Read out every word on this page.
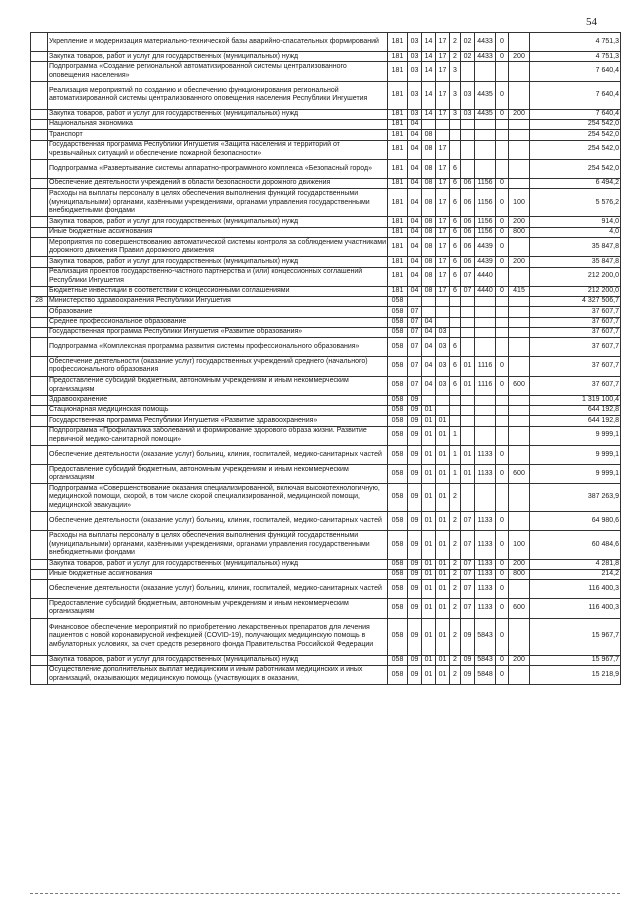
54
	Укрепление и модернизация материально-технической базы аварийно-спасательных формирований	181	03	14	17	2	02	4433	0		4 751,3
	Закупка товаров, работ и услуг для государственных (муниципальных) нужд	181	03	14	17	2	02	4433	0	200	4 751,3
	Подпрограмма «Создание региональной автоматизированной системы централизованного оповещения населения»	181	03	14	17	3					7 640,4
	Реализация мероприятий по созданию и обеспечению функционирования региональной автоматизированной системы централизованного оповещения населения Республики Ингушетия	181	03	14	17	3	03	4435	0		7 640,4
	Закупка товаров, работ и услуг для государственных (муниципальных) нужд	181	03	14	17	3	03	4435	0	200	7 640,4
	Национальная экономика	181	04								254 542,0
	Транспорт	181	04	08							254 542,0
	Государственная программа Республики Ингушетия «Защита населения и территорий от чрезвычайных ситуаций и обеспечение пожарной безопасности»	181	04	08	17						254 542,0
	Подпрограмма «Развертывание системы аппаратно-программного комплекса «Безопасный город»	181	04	08	17	6					254 542,0
	Обеспечение деятельности учреждений в области безопасности дорожного движения	181	04	08	17	6	06	1156	0		6 494,2
	Расходы на выплаты персоналу в целях обеспечения выполнения функций государственными (муниципальными) органами, казёнными учреждениями, органами управления государственными внебюджетными фондами	181	04	08	17	6	06	1156	0	100	5 576,2
	Закупка товаров, работ и услуг для государственных (муниципальных) нужд	181	04	08	17	6	06	1156	0	200	914,0
	Иные бюджетные ассигнования	181	04	08	17	6	06	1156	0	800	4,0
	Мероприятия по совершенствованию автоматической системы контроля за соблюдением участниками дорожного движения Правил дорожного движения	181	04	08	17	6	06	4439	0		35 847,8
	Закупка товаров, работ и услуг для государственных (муниципальных) нужд	181	04	08	17	6	06	4439	0	200	35 847,8
	Реализация проектов государственно-частного партнерства и (или) концессионных соглашений Республики Ингушетия	181	04	08	17	6	07	4440			212 200,0
	Бюджетные инвестиции в соответствии с концессионными соглашениями	181	04	08	17	6	07	4440	0	415	212 200,0
28	Министерство здравоохранения Республики Ингушетия	058									4 327 506,7
	Образование	058	07								37 607,7
	Среднее профессиональное образование	058	07	04							37 607,7
	Государственная программа Республики Ингушетия «Развитие образования»	058	07	04	03						37 607,7
	Подпрограмма «Комплексная программа развития системы профессионального образования»	058	07	04	03	6					37 607,7
	Обеспечение деятельности (оказание услуг) государственных учреждений среднего (начального) профессионального образования	058	07	04	03	6	01	1116	0		37 607,7
	Предоставление субсидий бюджетным, автономным учреждениям и иным некоммерческим организациям	058	07	04	03	6	01	1116	0	600	37 607,7
	Здравоохранение	058	09								1 319 100,4
	Стационарная медицинская помощь	058	09	01							644 192,8
	Государственная программа Республики Ингушетия «Развитие здравоохранения»	058	09	01	01						644 192,8
	Подпрограмма «Профилактика заболеваний и формирование здорового образа жизни. Развитие первичной медико-санитарной помощи»	058	09	01	01	1					9 999,1
	Обеспечение деятельности (оказание услуг) больниц, клиник, госпиталей, медико-санитарных частей	058	09	01	01	1	01	1133	0		9 999,1
	Предоставление субсидий бюджетным, автономным учреждениям и иным некоммерческим организациям	058	09	01	01	1	01	1133	0	600	9 999,1
	Подпрограмма «Совершенствование оказания специализированной, включая высокотехнологичную, медицинской помощи, скорой, в том числе скорой специализированной, медицинской помощи, медицинской эвакуации»	058	09	01	01	2					387 263,9
	Обеспечение деятельности (оказание услуг) больниц, клиник, госпиталей, медико-санитарных частей	058	09	01	01	2	07	1133	0		64 980,6
	Расходы на выплаты персоналу в целях обеспечения выполнения функций государственными (муниципальными) органами, казёнными учреждениями, органами управления государственными внебюджетными фондами	058	09	01	01	2	07	1133	0	100	60 484,6
	Закупка товаров, работ и услуг для государственных (муниципальных) нужд	058	09	01	01	2	07	1133	0	200	4 281,8
	Иные бюджетные ассигнования	058	09	01	01	2	07	1133	0	800	214,2
	Обеспечение деятельности (оказание услуг) больниц, клиник, госпиталей, медико-санитарных частей	058	09	01	01	2	07	1133	0		116 400,3
	Предоставление субсидий бюджетным, автономным учреждениям и иным некоммерческим организациям	058	09	01	01	2	07	1133	0	600	116 400,3
	Финансовое обеспечение мероприятий по приобретению лекарственных препаратов для лечения пациентов с новой коронавирусной инфекцией (COVID-19), получающих медицинскую помощь в амбулаторных условиях, за счет средств резервного фонда Правительства Российской Федерации	058	09	01	01	2	09	5843	0		15 967,7
	Закупка товаров, работ и услуг для государственных (муниципальных) нужд	058	09	01	01	2	09	5843	0	200	15 967,7
	Осуществление дополнительных выплат медицинским и иным работникам медицинских и иных организаций, оказывающих медицинскую помощь (участвующих в оказании,	058	09	01	01	2	09	5848	0		15 218,9
